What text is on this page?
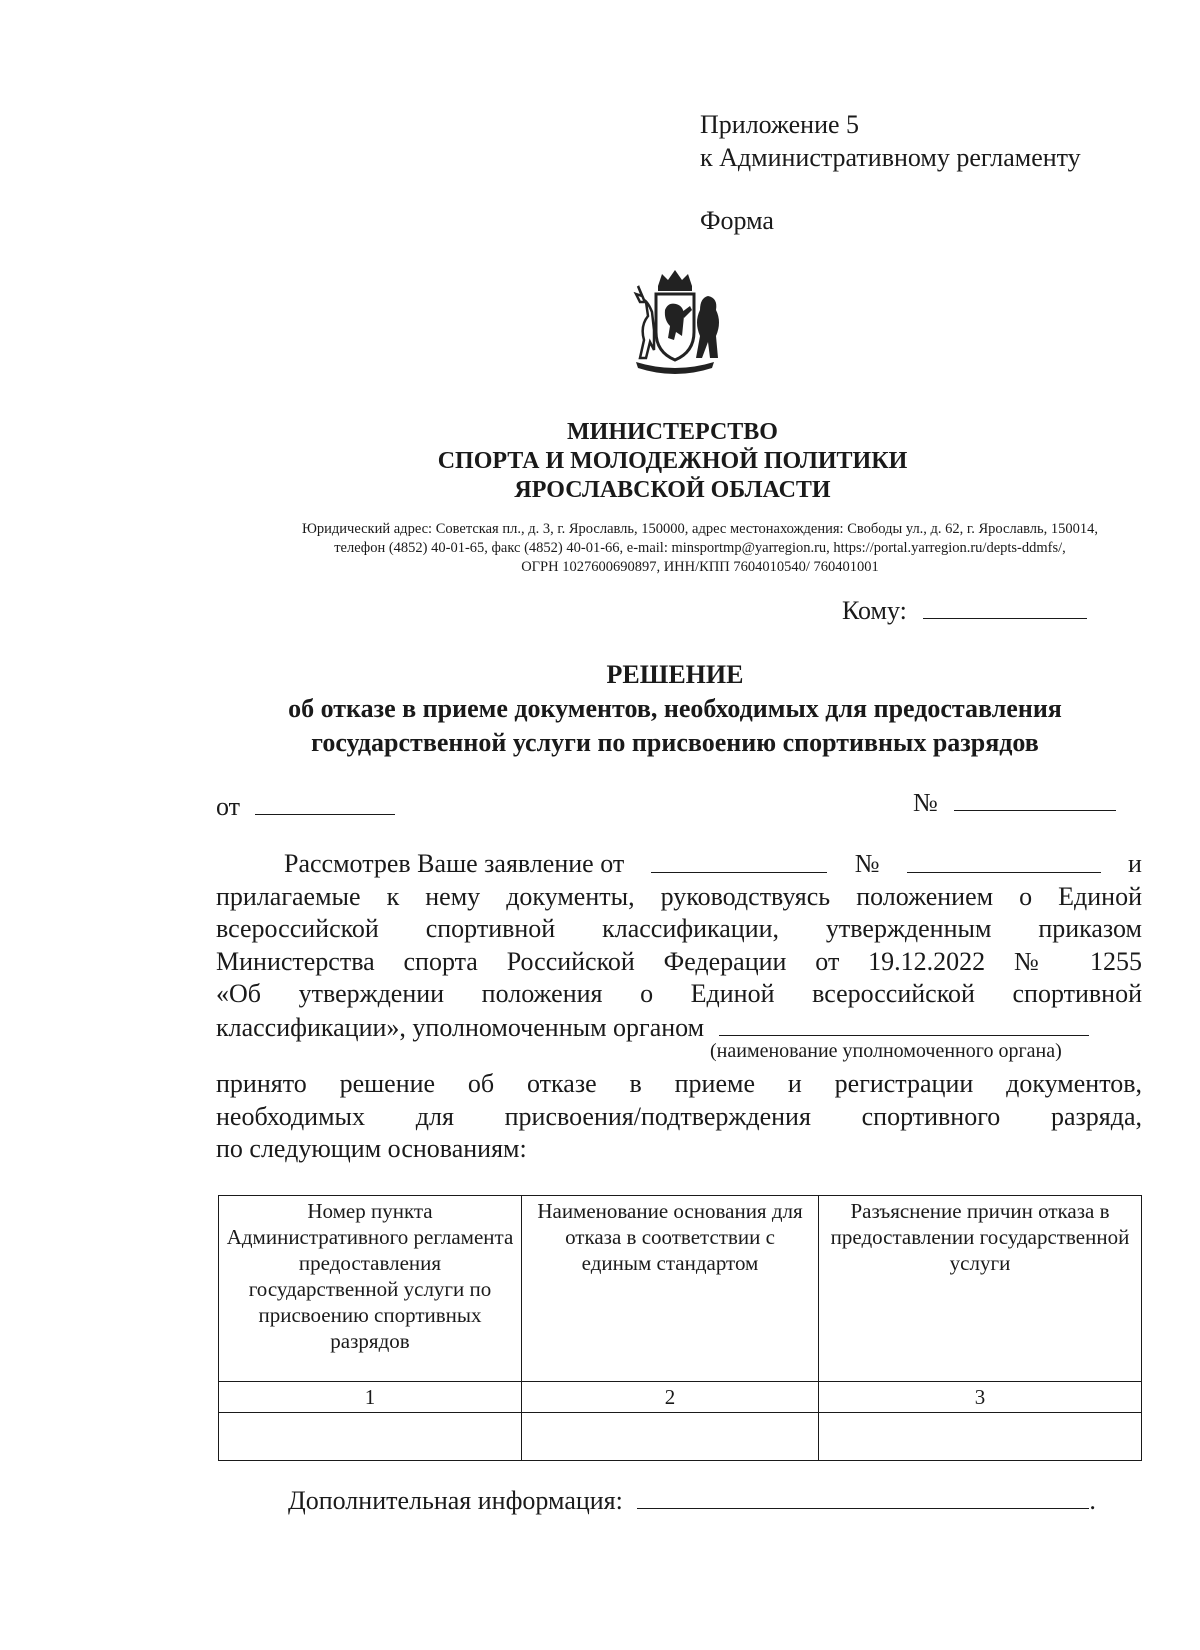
Приложение 5
к Административному регламенту
Форма
МИНИСТЕРСТВО
СПОРТА И МОЛОДЕЖНОЙ ПОЛИТИКИ
ЯРОСЛАВСКОЙ ОБЛАСТИ
Юридический адрес: Советская пл., д. 3, г. Ярославль, 150000, адрес местонахождения: Свободы ул., д. 62, г. Ярославль, 150014,
телефон (4852) 40-01-65, факс (4852) 40-01-66, e-mail: minsportmp@yarregion.ru, https://portal.yarregion.ru/depts-ddmfs/,
ОГРН 1027600690897, ИНН/КПП 7604010540/ 760401001
Кому:
РЕШЕНИЕ
об отказе в приеме документов, необходимых для предоставления
государственной услуги по присвоению спортивных разрядов
от	№
Рассмотрев Ваше заявление от	№	и
прилагаемые к нему документы, руководствуясь положением о Единой
всероссийской спортивной классификации, утвержденным приказом
Министерства спорта Российской Федерации от 19.12.2022 № 1255
«Об утверждении положения о Единой всероссийской спортивной
классификации», уполномоченным органом
(наименование уполномоченного органа)
принято решение об отказе в приеме и регистрации документов,
необходимых для присвоения/подтверждения спортивного разряда,
по следующим основаниям:
Номер пункта Административного регламента предоставления государственной услуги по присвоению спортивных разрядов	Наименование основания для отказа в соответствии с единым стандартом	Разъяснение причин отказа в предоставлении государственной услуги
1	2	3

Дополнительная информация:	.
